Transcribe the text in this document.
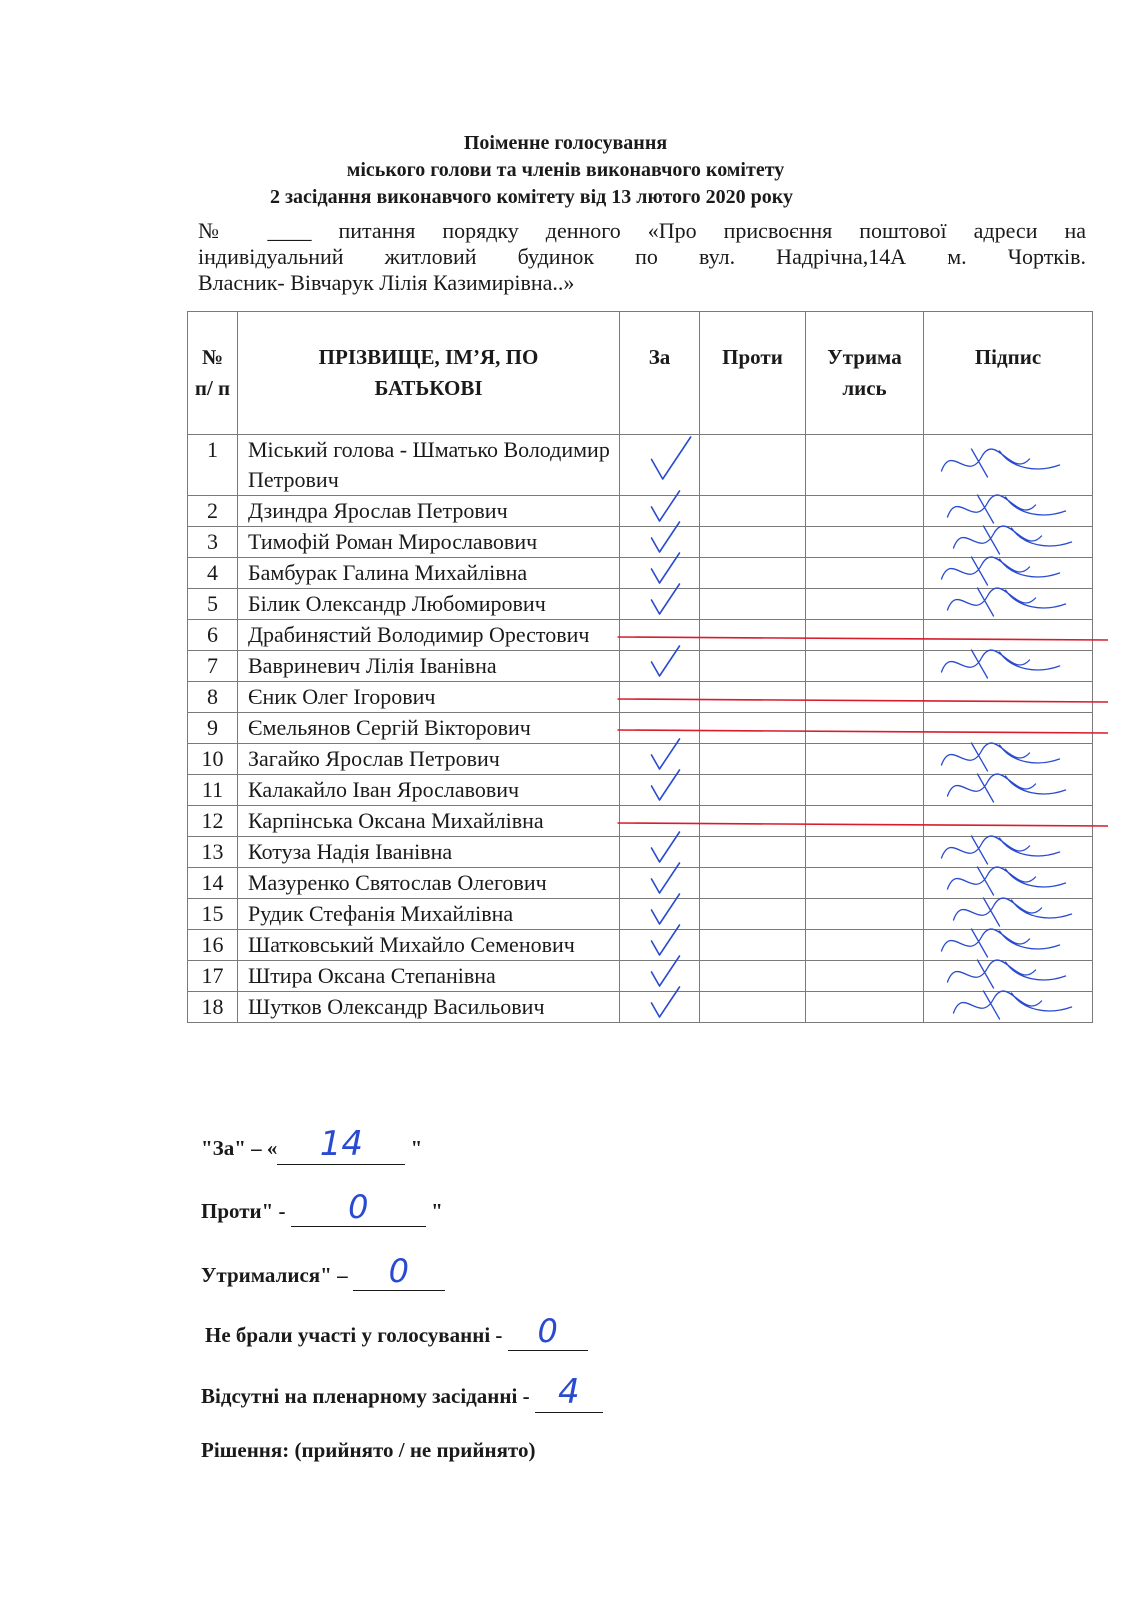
Поіменне голосування
міського голови та членів виконавчого комітету
2 засідання виконавчого комітету від 13 лютого 2020 року
№ ____ питання порядку денного «Про присвоєння поштової адреси на
індивідуальний житловий будинок по вул. Надрічна,14А м. Чортків.
Власник- Вівчарук Лілія Казимирівна..»
№ п/ п	ПРІЗВИЩЕ, ІМ’Я, ПО БАТЬКОВІ	За	Проти	Утрима лись	Підпис
1	Міський голова - Шматько Володимир Петрович				
2	Дзиндра Ярослав Петрович				
3	Тимофій Роман Мирославович				
4	Бамбурак Галина Михайлівна				
5	Білик Олександр Любомирович				
6	Драбинястий Володимир Орестович				
7	Вавриневич Лілія Іванівна				
8	Єник Олег Ігорович				
9	Ємельянов Сергій Вікторович				
10	Загайко Ярослав Петрович				
11	Калакайло Іван Ярославович				
12	Карпінська Оксана Михайлівна				
13	Котуза Надія Іванівна				
14	Мазуренко Святослав Олегович				
15	Рудик Стефанія Михайлівна				
16	Шатковський Михайло Семенович				
17	Штира Оксана Степанівна				
18	Шутков Олександр Васильович				
"За" – « 14 "
Проти" - 0	"
Утрималися" – 0
Не брали участі у голосуванні - 0
Відсутні на пленарному засіданні - 4
Рішення: (прийнято / не прийнято)
